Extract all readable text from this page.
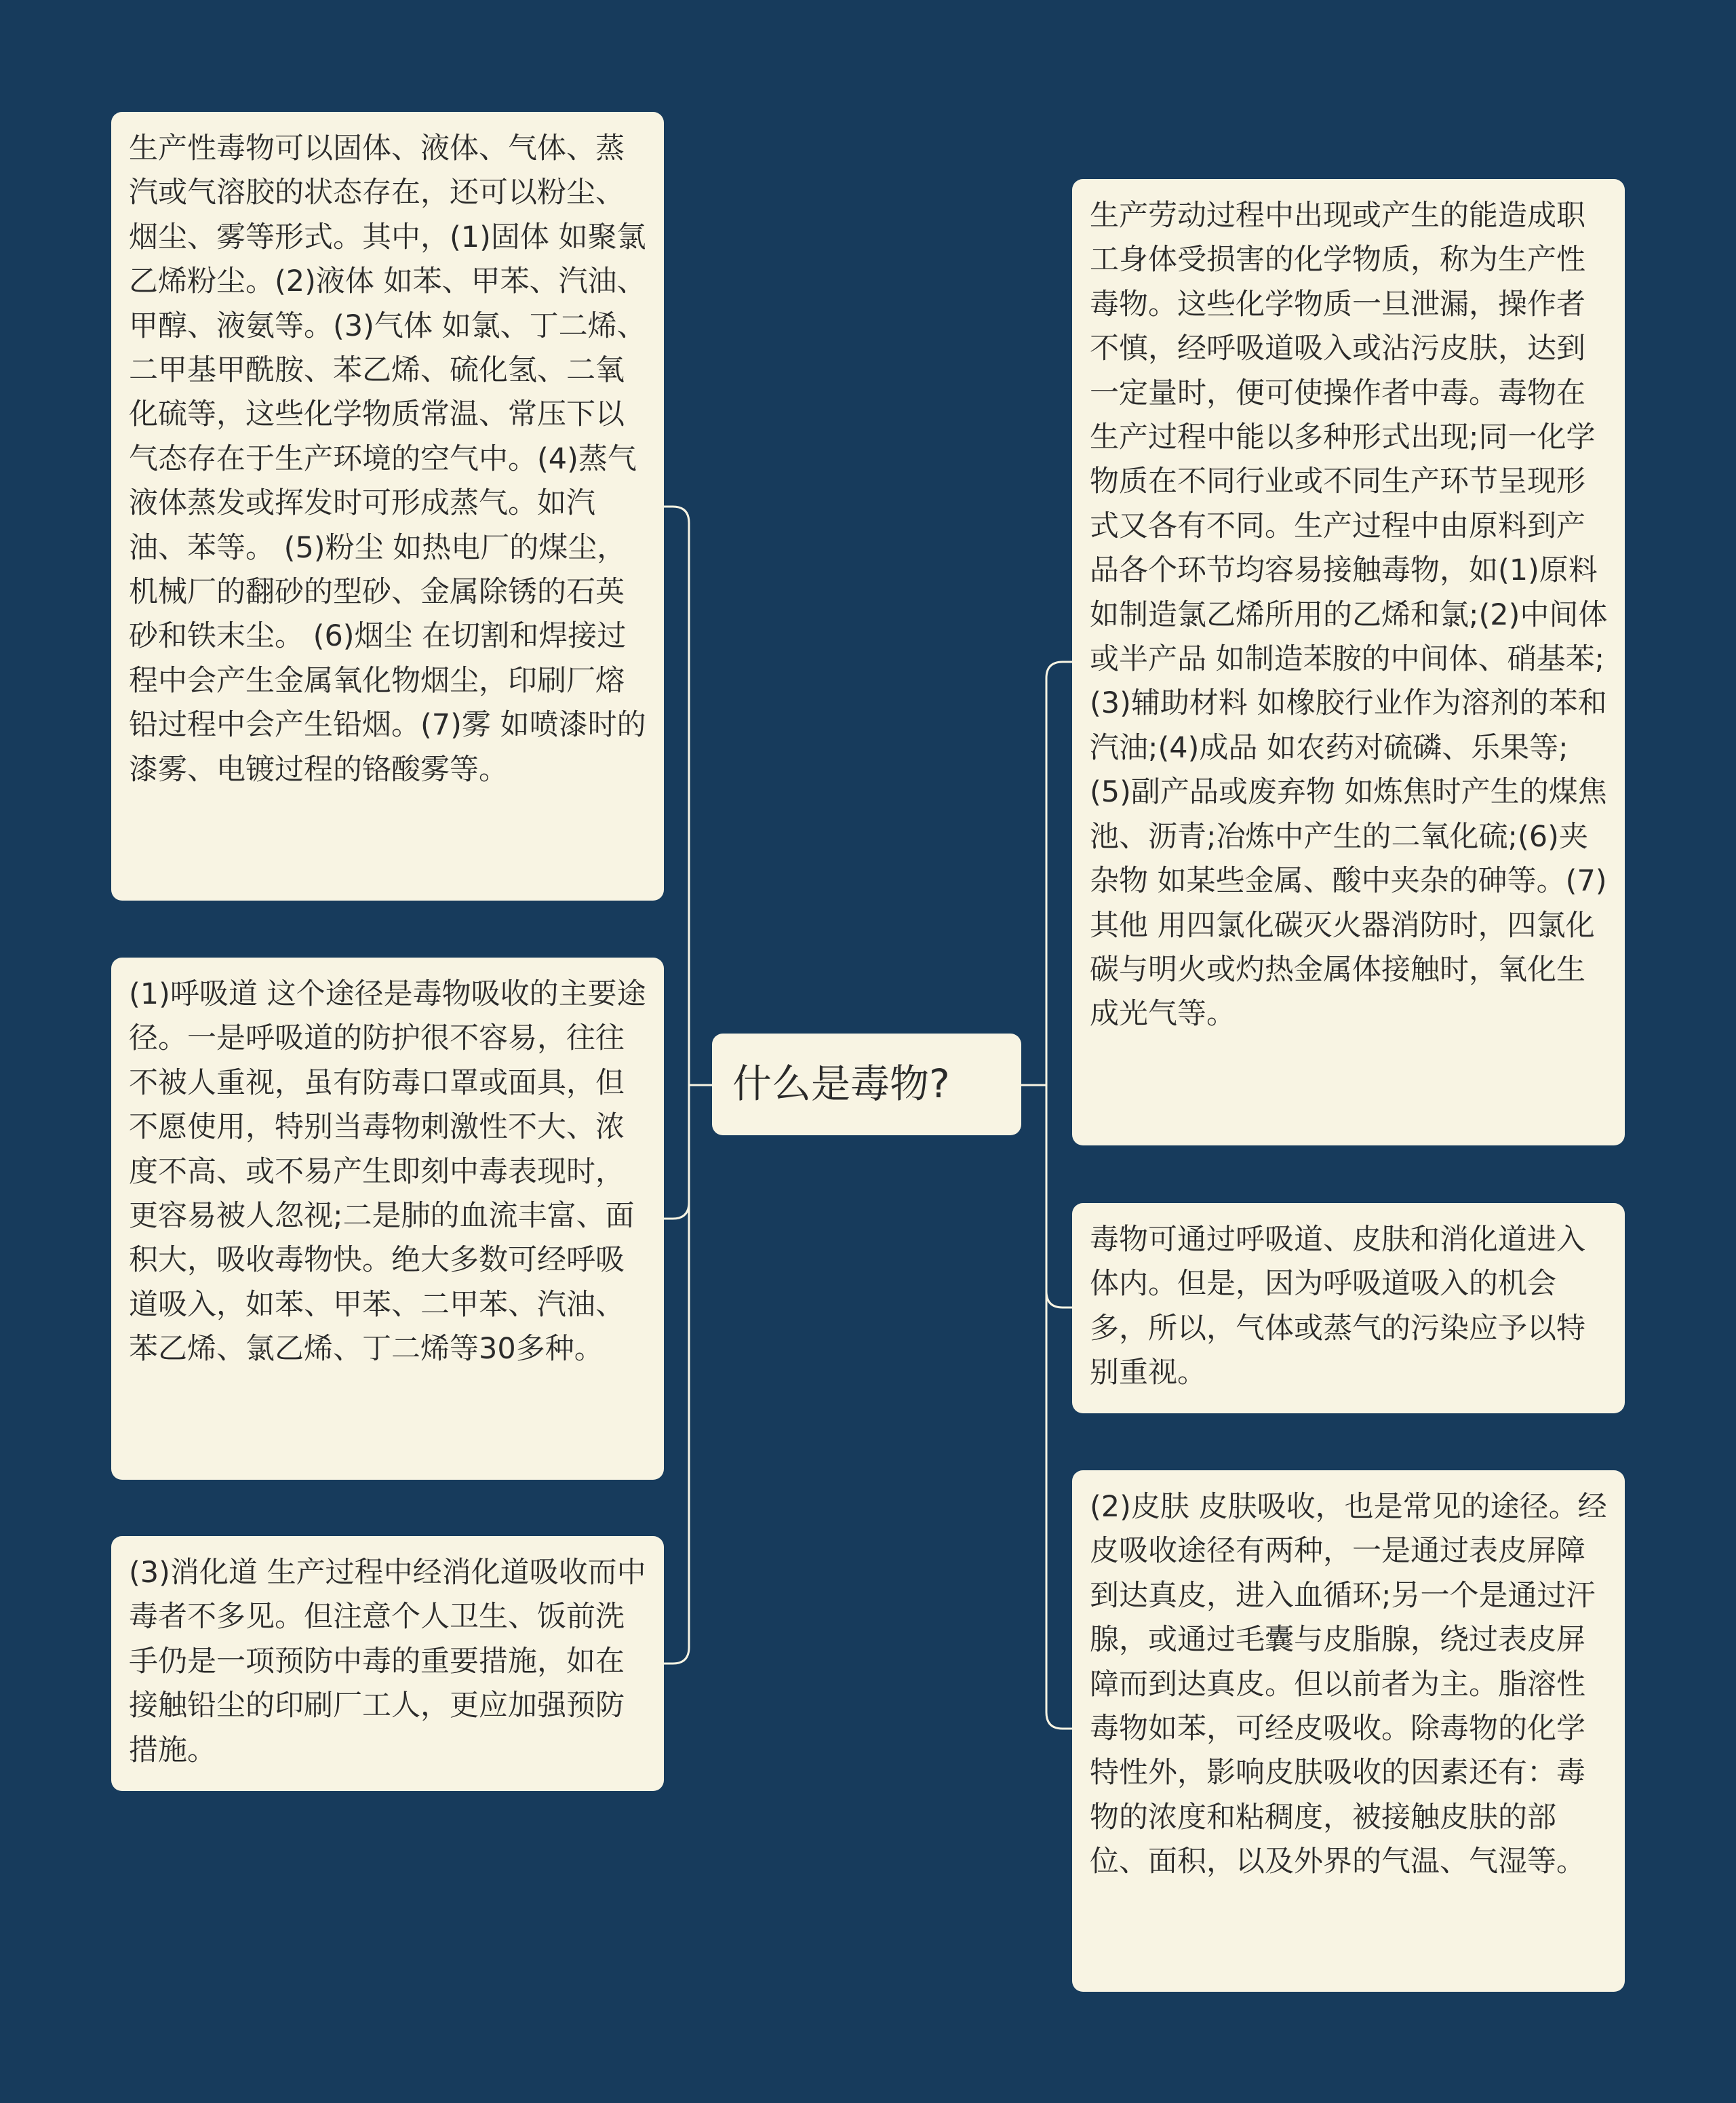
生产性毒物可以固体、液体、气体、蒸汽或气溶胶的状态存在，还可以粉尘、烟尘、雾等形式。其中，(1)固体 如聚氯乙烯粉尘。(2)液体 如苯、甲苯、汽油、甲醇、液氨等。(3)气体 如氯、丁二烯、二甲基甲酰胺、苯乙烯、硫化氢、二氧化硫等，这些化学物质常温、常压下以气态存在于生产环境的空气中。(4)蒸气 液体蒸发或挥发时可形成蒸气。如汽油、苯等。 (5)粉尘 如热电厂的煤尘，机械厂的翻砂的型砂、金属除锈的石英砂和铁末尘。 (6)烟尘 在切割和焊接过程中会产生金属氧化物烟尘，印刷厂熔铅过程中会产生铅烟。(7)雾 如喷漆时的漆雾、电镀过程的铬酸雾等。
(1)呼吸道 这个途径是毒物吸收的主要途径。一是呼吸道的防护很不容易，往往不被人重视，虽有防毒口罩或面具，但不愿使用，特别当毒物刺激性不大、浓度不高、或不易产生即刻中毒表现时，更容易被人忽视;二是肺的血流丰富、面积大，吸收毒物快。绝大多数可经呼吸道吸入，如苯、甲苯、二甲苯、汽油、苯乙烯、氯乙烯、丁二烯等30多种。
(3)消化道 生产过程中经消化道吸收而中毒者不多见。但注意个人卫生、饭前洗手仍是一项预防中毒的重要措施，如在接触铅尘的印刷厂工人，更应加强预防措施。
什么是毒物?
生产劳动过程中出现或产生的能造成职工身体受损害的化学物质，称为生产性毒物。这些化学物质一旦泄漏，操作者不慎，经呼吸道吸入或沾污皮肤，达到一定量时，便可使操作者中毒。毒物在生产过程中能以多种形式出现;同一化学物质在不同行业或不同生产环节呈现形式又各有不同。生产过程中由原料到产品各个环节均容易接触毒物，如(1)原料 如制造氯乙烯所用的乙烯和氯;(2)中间体或半产品 如制造苯胺的中间体、硝基苯;(3)辅助材料 如橡胶行业作为溶剂的苯和汽油;(4)成品 如农药对硫磷、乐果等;(5)副产品或废弃物 如炼焦时产生的煤焦池、沥青;冶炼中产生的二氧化硫;(6)夹杂物 如某些金属、酸中夹杂的砷等。(7)其他 用四氯化碳灭火器消防时，四氯化碳与明火或灼热金属体接触时，氧化生成光气等。
毒物可通过呼吸道、皮肤和消化道进入体内。但是，因为呼吸道吸入的机会多，所以，气体或蒸气的污染应予以特别重视。
(2)皮肤 皮肤吸收，也是常见的途径。经皮吸收途径有两种，一是通过表皮屏障到达真皮，进入血循环;另一个是通过汗腺，或通过毛囊与皮脂腺，绕过表皮屏障而到达真皮。但以前者为主。脂溶性毒物如苯，可经皮吸收。除毒物的化学特性外，影响皮肤吸收的因素还有：毒物的浓度和粘稠度，被接触皮肤的部位、面积，以及外界的气温、气湿等。
